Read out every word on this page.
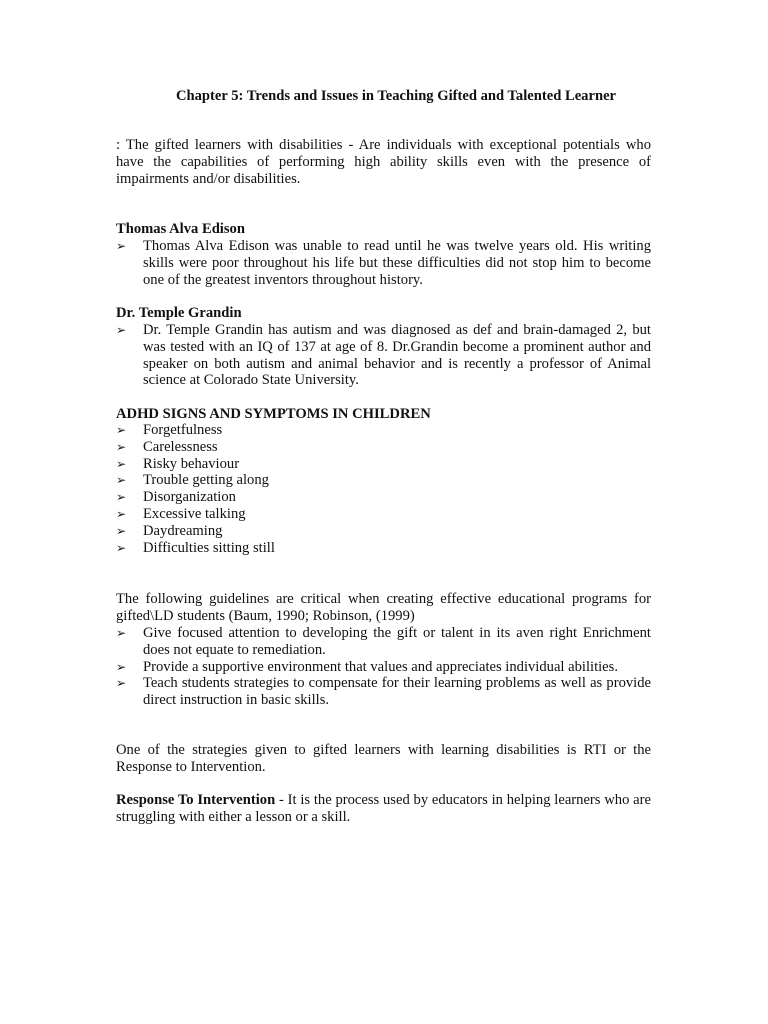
Chapter 5: Trends and Issues in Teaching Gifted and Talented Learner

: The gifted learners with disabilities - Are individuals with exceptional potentials who have the capabilities of performing high ability skills even with the presence of impairments and/or disabilities.

Thomas Alva Edison

➢ Thomas Alva Edison was unable to read until he was twelve years old. His writing skills were poor throughout his life but these difficulties did not stop him to become one of the greatest inventors throughout history.

Dr. Temple Grandin

➢ Dr. Temple Grandin has autism and was diagnosed as def and brain-damaged 2, but was tested with an IQ of 137 at age of 8. Dr.Grandin become a prominent author and speaker on both autism and animal behavior and is recently a professor of Animal science at Colorado State University.

ADHD SIGNS AND SYMPTOMS IN CHILDREN

➢ Forgetfulness
➢ Carelessness
➢ Risky behaviour
➢ Trouble getting along
➢ Disorganization
➢ Excessive talking
➢ Daydreaming
➢ Difficulties sitting still

The following guidelines are critical when creating effective educational programs for gifted\LD students (Baum, 1990; Robinson, (1999)

➢ Give focused attention to developing the gift or talent in its aven right Enrichment does not equate to remediation.
➢ Provide a supportive environment that values and appreciates individual abilities.
➢ Teach students strategies to compensate for their learning problems as well as provide direct instruction in basic skills.

One of the strategies given to gifted learners with learning disabilities is RTI or the Response to Intervention.

Response To Intervention - It is the process used by educators in helping learners who are struggling with either a lesson or a skill.
